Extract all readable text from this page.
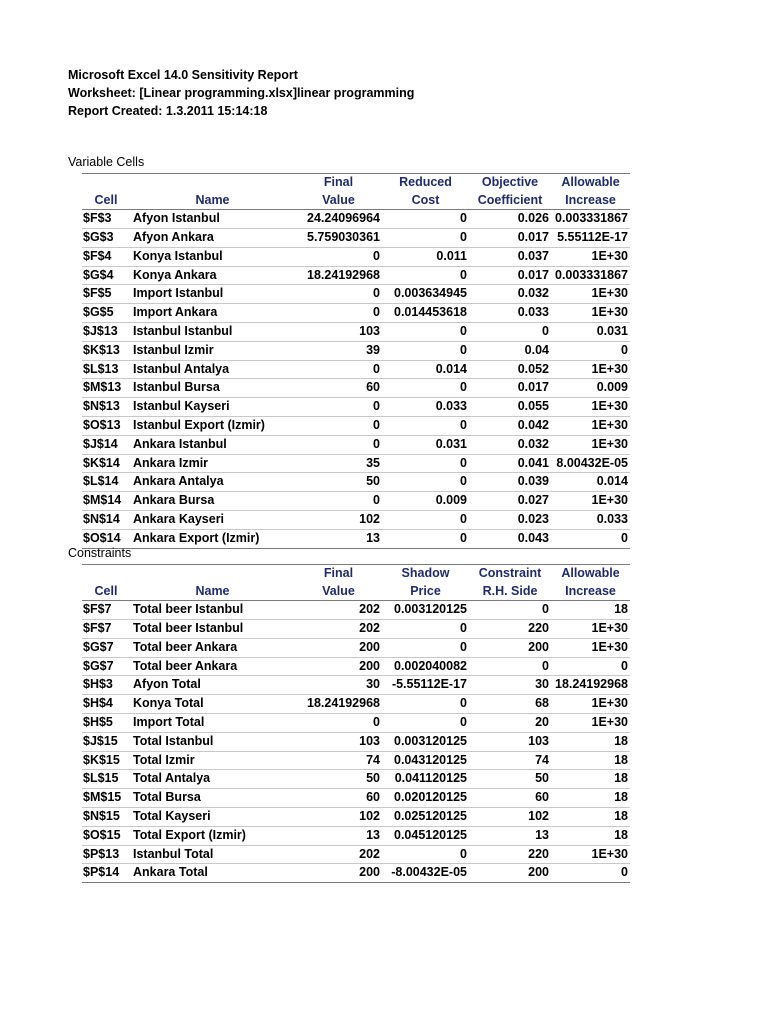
Microsoft Excel 14.0 Sensitivity Report
Worksheet: [Linear programming.xlsx]linear programming
Report Created: 1.3.2011 15:14:18
Variable Cells
		Final	Reduced	Objective	Allowable
Cell	Name	Value	Cost	Coefficient	Increase
$F$3	Afyon Istanbul	24.24096964	0	0.026	0.003331867
$G$3	Afyon Ankara	5.759030361	0	0.017	5.55112E-17
$F$4	Konya Istanbul	0	0.011	0.037	1E+30
$G$4	Konya Ankara	18.24192968	0	0.017	0.003331867
$F$5	Import Istanbul	0	0.003634945	0.032	1E+30
$G$5	Import Ankara	0	0.014453618	0.033	1E+30
$J$13	Istanbul Istanbul	103	0	0	0.031
$K$13	Istanbul Izmir	39	0	0.04	0
$L$13	Istanbul Antalya	0	0.014	0.052	1E+30
$M$13	Istanbul Bursa	60	0	0.017	0.009
$N$13	Istanbul Kayseri	0	0.033	0.055	1E+30
$O$13	Istanbul Export (Izmir)	0	0	0.042	1E+30
$J$14	Ankara Istanbul	0	0.031	0.032	1E+30
$K$14	Ankara Izmir	35	0	0.041	8.00432E-05
$L$14	Ankara Antalya	50	0	0.039	0.014
$M$14	Ankara Bursa	0	0.009	0.027	1E+30
$N$14	Ankara Kayseri	102	0	0.023	0.033
$O$14	Ankara Export (Izmir)	13	0	0.043	0
Constraints
		Final	Shadow	Constraint	Allowable
Cell	Name	Value	Price	R.H. Side	Increase
$F$7	Total beer Istanbul	202	0.003120125	0	18
$F$7	Total beer Istanbul	202	0	220	1E+30
$G$7	Total beer Ankara	200	0	200	1E+30
$G$7	Total beer Ankara	200	0.002040082	0	0
$H$3	Afyon Total	30	-5.55112E-17	30	18.24192968
$H$4	Konya Total	18.24192968	0	68	1E+30
$H$5	Import Total	0	0	20	1E+30
$J$15	Total Istanbul	103	0.003120125	103	18
$K$15	Total Izmir	74	0.043120125	74	18
$L$15	Total Antalya	50	0.041120125	50	18
$M$15	Total Bursa	60	0.020120125	60	18
$N$15	Total Kayseri	102	0.025120125	102	18
$O$15	Total Export (Izmir)	13	0.045120125	13	18
$P$13	Istanbul Total	202	0	220	1E+30
$P$14	Ankara Total	200	-8.00432E-05	200	0
